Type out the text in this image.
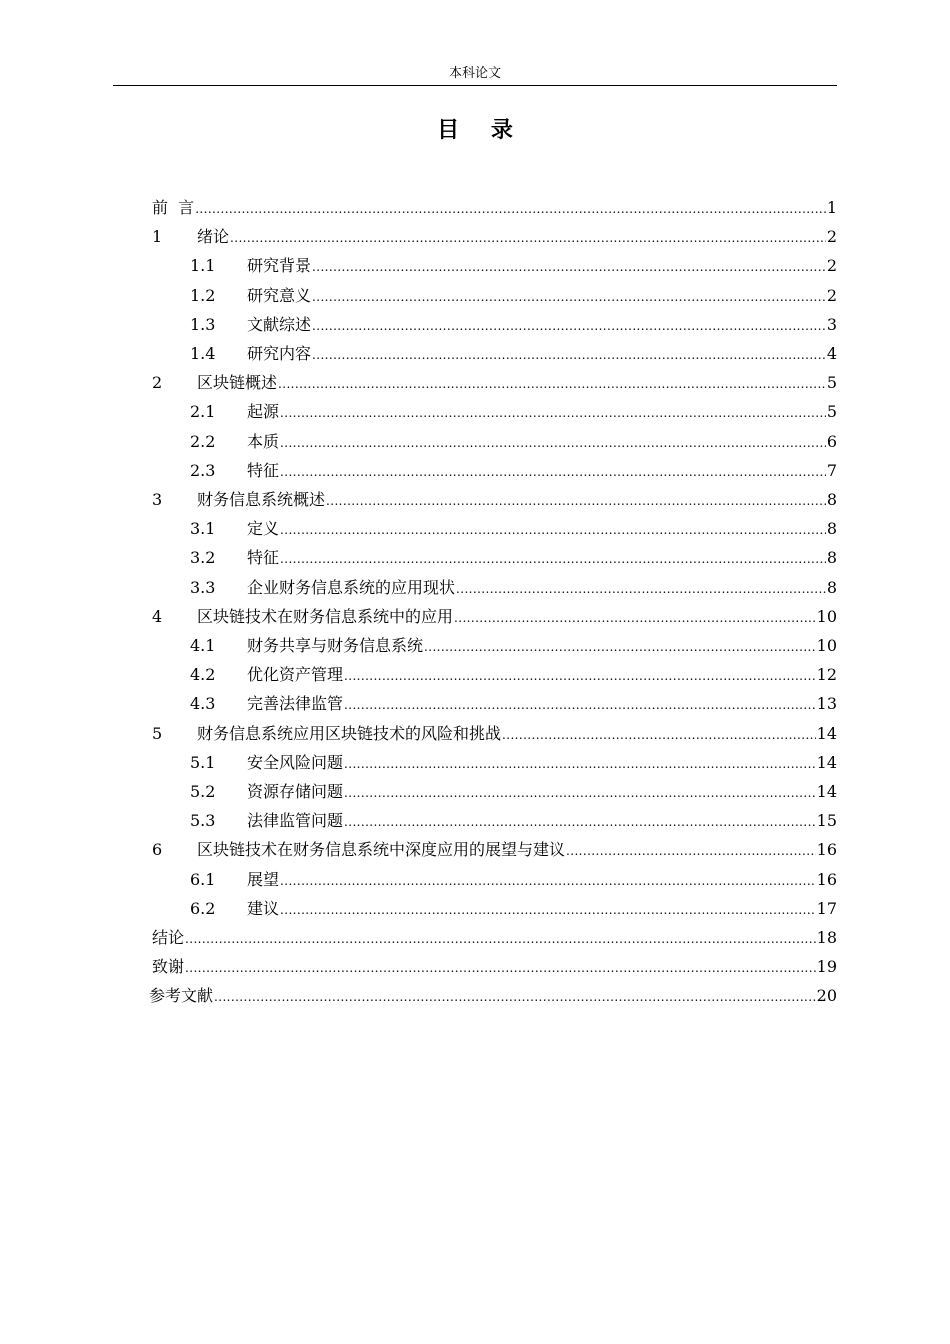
本科论文
目 录
前  言 .....	1
1	绪论 .....	2
1.1	研究背景 .....	2
1.2	研究意义 .....	2
1.3	文献综述 .....	3
1.4	研究内容 .....	4
2	区块链概述 .....	5
2.1	起源 .....	5
2.2	本质 .....	6
2.3	特征 .....	7
3	财务信息系统概述 .....	8
3.1	定义 .....	8
3.2	特征 .....	8
3.3	企业财务信息系统的应用现状 .....	8
4	区块链技术在财务信息系统中的应用 .....	10
4.1	财务共享与财务信息系统 .....	10
4.2	优化资产管理 .....	12
4.3	完善法律监管 .....	13
5	财务信息系统应用区块链技术的风险和挑战 .....	14
5.1	安全风险问题 .....	14
5.2	资源存储问题 .....	14
5.3	法律监管问题 .....	15
6	区块链技术在财务信息系统中深度应用的展望与建议 .....	16
6.1	展望 .....	16
6.2	建议 .....	17
结论 .....	18
致谢 .....	19
参考文献 .....	20
